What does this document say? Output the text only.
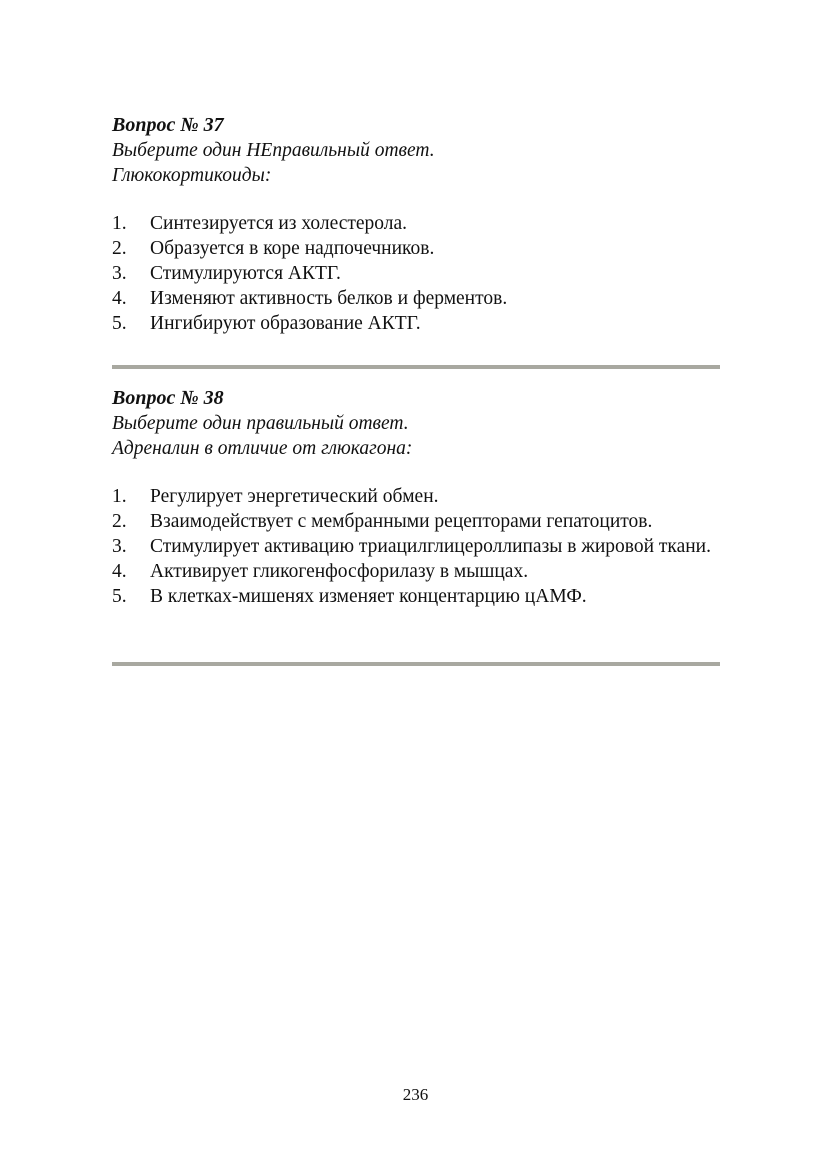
Вопрос № 37

Выберите один НЕправильный ответ.

Глюкокортикоиды:

1.	Синтезируется из холестерола.
2.	Образуется в коре надпочечников.
3.	Стимулируются АКТГ.
4.	Изменяют активность белков и ферментов.
5.	Ингибируют образование АКТГ.

Вопрос № 38

Выберите один правильный ответ.

Адреналин в отличие от глюкагона:

1.	Регулирует энергетический обмен.
2.	Взаимодействует с мембранными рецепторами гепатоцитов.
3.	Стимулирует активацию триацилглицероллипазы в жировой ткани.
4.	Активирует гликогенфосфорилазу в мышцах.
5.	В клетках-мишенях изменяет концентарцию цАМФ.
236
